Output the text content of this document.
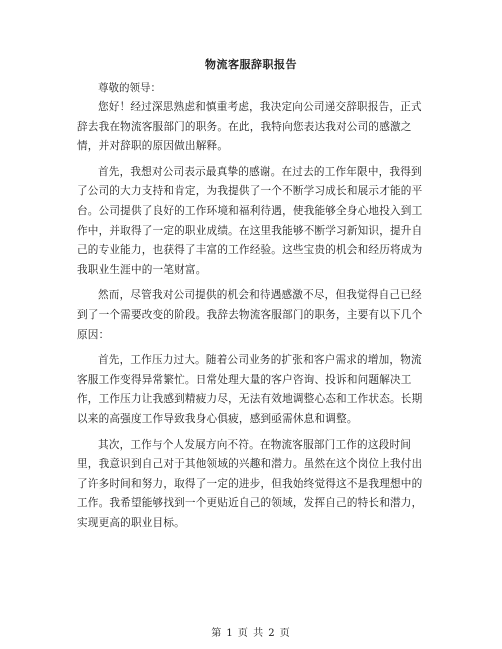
物流客服辞职报告
尊敬的领导：

您好！经过深思熟虑和慎重考虑，我决定向公司递交辞职报告，正式辞去我在物流客服部门的职务。在此，我特向您表达我对公司的感激之情，并对辞职的原因做出解释。

首先，我想对公司表示最真挚的感谢。在过去的工作年限中，我得到了公司的大力支持和肯定，为我提供了一个不断学习成长和展示才能的平台。公司提供了良好的工作环境和福利待遇，使我能够全身心地投入到工作中，并取得了一定的职业成绩。在这里我能够不断学习新知识，提升自己的专业能力，也获得了丰富的工作经验。这些宝贵的机会和经历将成为我职业生涯中的一笔财富。

然而，尽管我对公司提供的机会和待遇感激不尽，但我觉得自己已经到了一个需要改变的阶段。我辞去物流客服部门的职务，主要有以下几个原因：

首先，工作压力过大。随着公司业务的扩张和客户需求的增加，物流客服工作变得异常繁忙。日常处理大量的客户咨询、投诉和问题解决工作，工作压力让我感到精疲力尽，无法有效地调整心态和工作状态。长期以来的高强度工作导致我身心俱疲，感到亟需休息和调整。

其次，工作与个人发展方向不符。在物流客服部门工作的这段时间里，我意识到自己对于其他领域的兴趣和潜力。虽然在这个岗位上我付出了许多时间和努力，取得了一定的进步，但我始终觉得这不是我理想中的工作。我希望能够找到一个更贴近自己的领域，发挥自己的特长和潜力，实现更高的职业目标。

第 1 页 共 2 页
